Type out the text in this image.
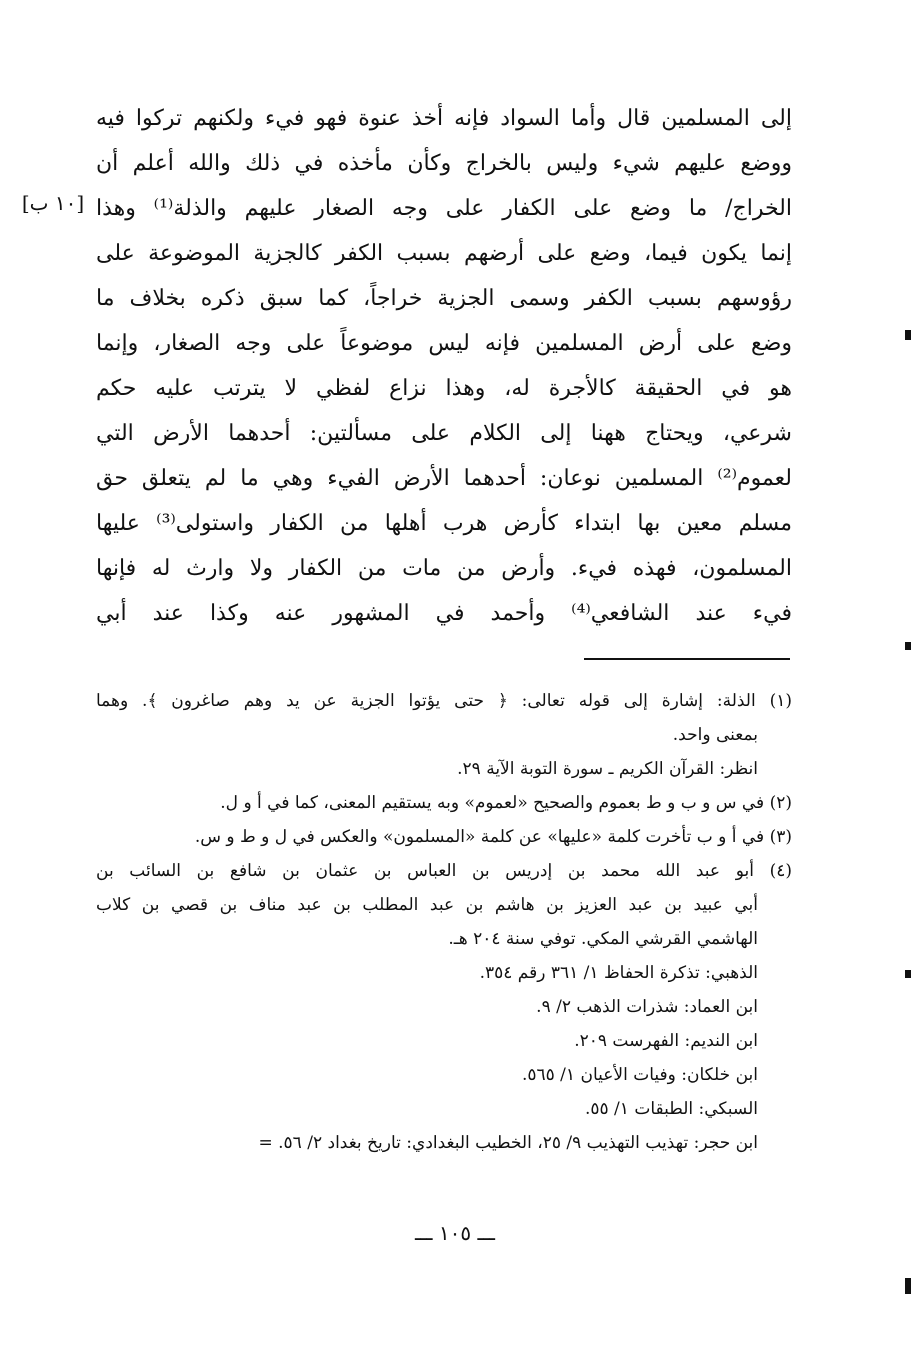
إلى المسلمين قال وأما السواد فإنه أخذ عنوة فهو فيء ولكنهم تركوا فيه
ووضع عليهم شيء وليس بالخراج وكأن مأخذه في ذلك والله أعلم أن
الخراج/ ما وضع على الكفار على وجه الصغار عليهم والذلة⁽¹⁾ وهذا
إنما يكون فيما، وضع على أرضهم بسبب الكفر كالجزية الموضوعة على
رؤوسهم بسبب الكفر وسمى الجزية خراجاً، كما سبق ذكره بخلاف ما
وضع على أرض المسلمين فإنه ليس موضوعاً على وجه الصغار، وإنما
هو في الحقيقة كالأجرة له، وهذا نزاع لفظي لا يترتب عليه حكم
شرعي، ويحتاج ههنا إلى الكلام على مسألتين: أحدهما الأرض التي
لعموم⁽²⁾ المسلمين نوعان: أحدهما الأرض الفيء وهي ما لم يتعلق حق
مسلم معين بها ابتداء كأرض هرب أهلها من الكفار واستولى⁽³⁾ عليها
المسلمون، فهذه فيء. وأرض من مات من الكفار ولا وارث له فإنها
فيء عند الشافعي⁽⁴⁾ وأحمد في المشهور عنه وكذا عند أبي
[١٠ ب]
(١) الذلة: إشارة إلى قوله تعالى: ﴿ حتى يؤتوا الجزية عن يد وهم صاغرون ﴾. وهما
بمعنى واحد.
انظر: القرآن الكريم ـ سورة التوبة الآية ٢٩.
(٢) في س و ب و ط بعموم والصحيح «لعموم» وبه يستقيم المعنى، كما في أ و ل.
(٣) في أ و ب تأخرت كلمة «عليها» عن كلمة «المسلمون» والعكس في ل و ط و س.
(٤) أبو عبد الله محمد بن إدريس بن العباس بن عثمان بن شافع بن السائب بن
أبي عبيد بن عبد العزيز بن هاشم بن عبد المطلب بن عبد مناف بن قصي بن كلاب
الهاشمي القرشي المكي. توفي سنة ٢٠٤ هـ.
الذهبي: تذكرة الحفاظ ١/ ٣٦١ رقم ٣٥٤.
ابن العماد: شذرات الذهب ٢/ ٩.
ابن النديم: الفهرست ٢٠٩.
ابن خلكان: وفيات الأعيان ١/ ٥٦٥.
السبكي: الطبقات ١/ ٥٥.
ابن حجر: تهذيب التهذيب ٩/ ٢٥، الخطيب البغدادي: تاريخ بغداد ٢/ ٥٦. =
ـــ ١٠٥ ـــ
